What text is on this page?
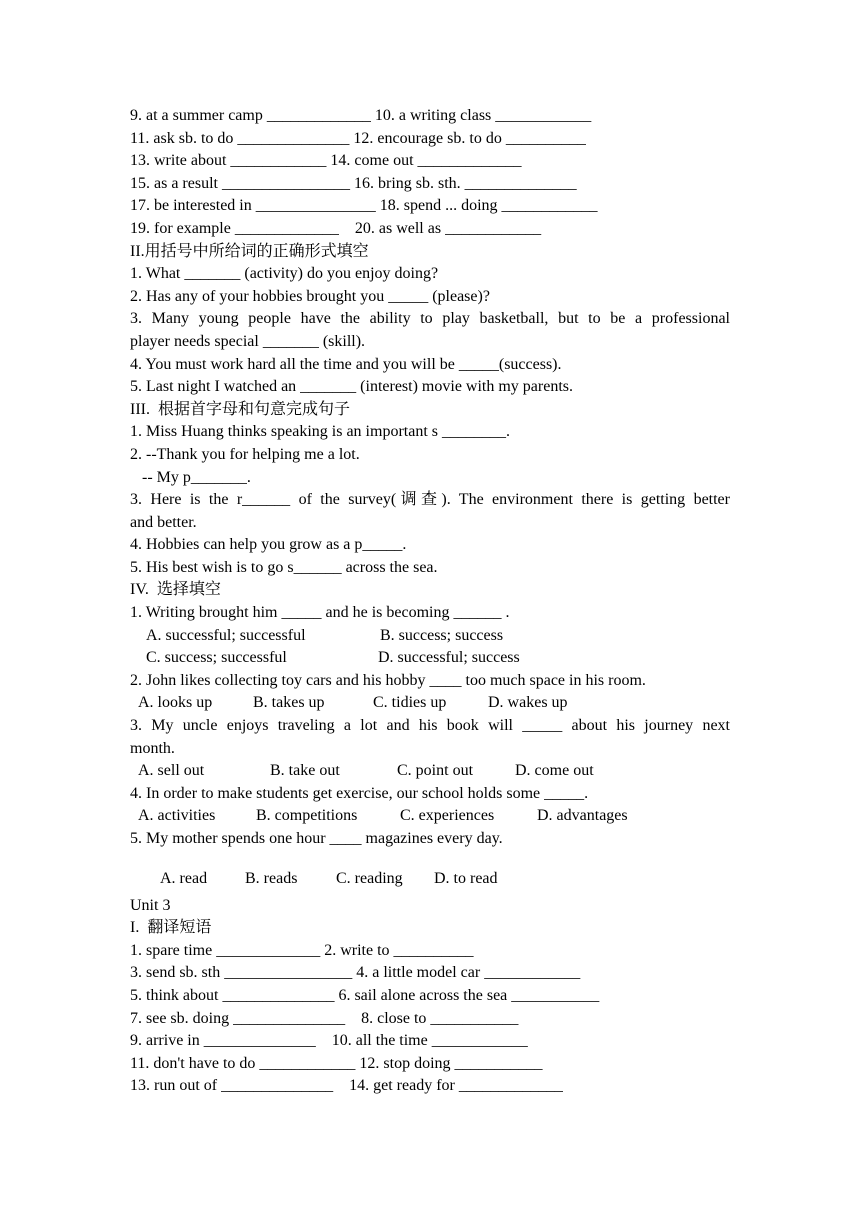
9. at a summer camp _____________ 10. a writing class ____________
11. ask sb. to do ______________ 12. encourage sb. to do __________
13. write about ____________ 14. come out _____________
15. as a result ________________ 16. bring sb. sth. ______________
17. be interested in _______________ 18. spend ... doing ____________
19. for example _____________ 20. as well as ____________
II.用括号中所给词的正确形式填空
1. What _______ (activity) do you enjoy doing?
2. Has any of your hobbies brought you _____ (please)?
3. Many young people have the ability to play basketball, but to be a professional
player needs special _______ (skill).
4. You must work hard all the time and you will be _____(success).
5. Last night I watched an _______ (interest) movie with my parents.
III.  根据首字母和句意完成句子
1. Miss Huang thinks speaking is an important s ________.
2. --Thank you for helping me a lot.
-- My p_______.
3. Here is the r______ of the survey(调查). The environment there is getting better
and better.
4. Hobbies can help you grow as a p_____.
5. His best wish is to go s______ across the sea.
IV.  选择填空
1. Writing brought him _____ and he is becoming ______ .
A. successful; successful	B. success; success
C. success; successful	D. successful; success
2. John likes collecting toy cars and his hobby ____ too much space in his room.
A. looks up	B. takes up	C. tidies up	D. wakes up
3. My uncle enjoys traveling a lot and his book will _____ about his journey next
month.
A. sell out	B. take out	C. point out	D. come out
4. In order to make students get exercise, our school holds some _____.
A. activities	B. competitions	C. experiences	D. advantages
5. My mother spends one hour ____ magazines every day.
A. read B. reads C. reading D. to read
Unit 3
I.  翻译短语
1. spare time _____________ 2. write to __________
3. send sb. sth ________________ 4. a little model car ____________
5. think about ______________ 6. sail alone across the sea ___________
7. see sb. doing ______________ 8. close to ___________
9. arrive in ______________ 10. all the time ____________
11. don't have to do ____________ 12. stop doing ___________
13. run out of ______________ 14. get ready for _____________
